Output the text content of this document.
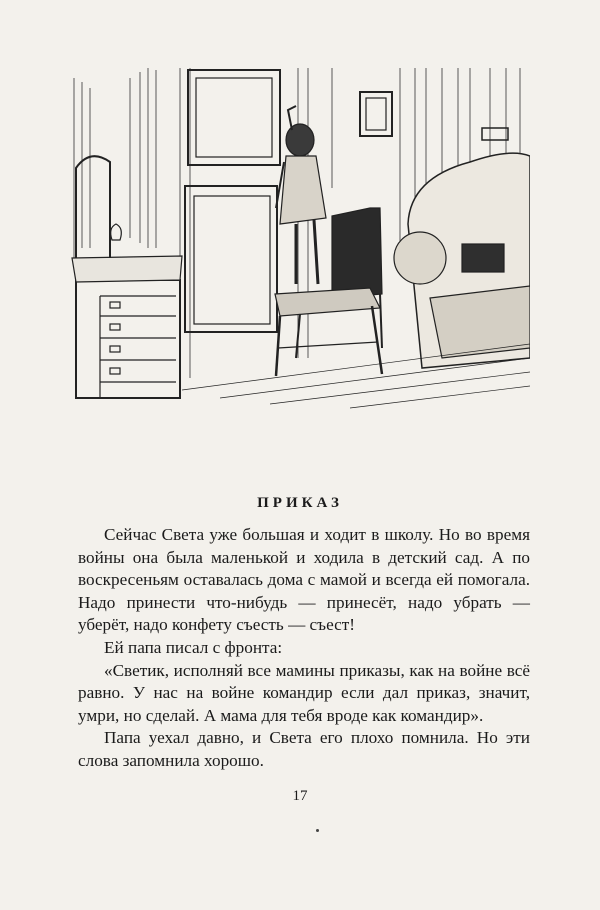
ПРИКАЗ

Сейчас Света уже большая и ходит в школу. Но во время войны она была маленькой и ходила в детский сад. А по воскресеньям оставалась дома с мамой и всегда ей помогала. Надо принести что-нибудь — принесёт, надо убрать — уберёт, надо конфету съесть — съест!

Ей папа писал с фронта:

«Светик, исполняй все мамины приказы, как на войне всё равно. У нас на войне командир если дал приказ, значит, умри, но сделай. А мама для тебя вроде как командир».

Папа уехал давно, и Света его плохо помнила. Но эти слова запомнила хорошо.

17
